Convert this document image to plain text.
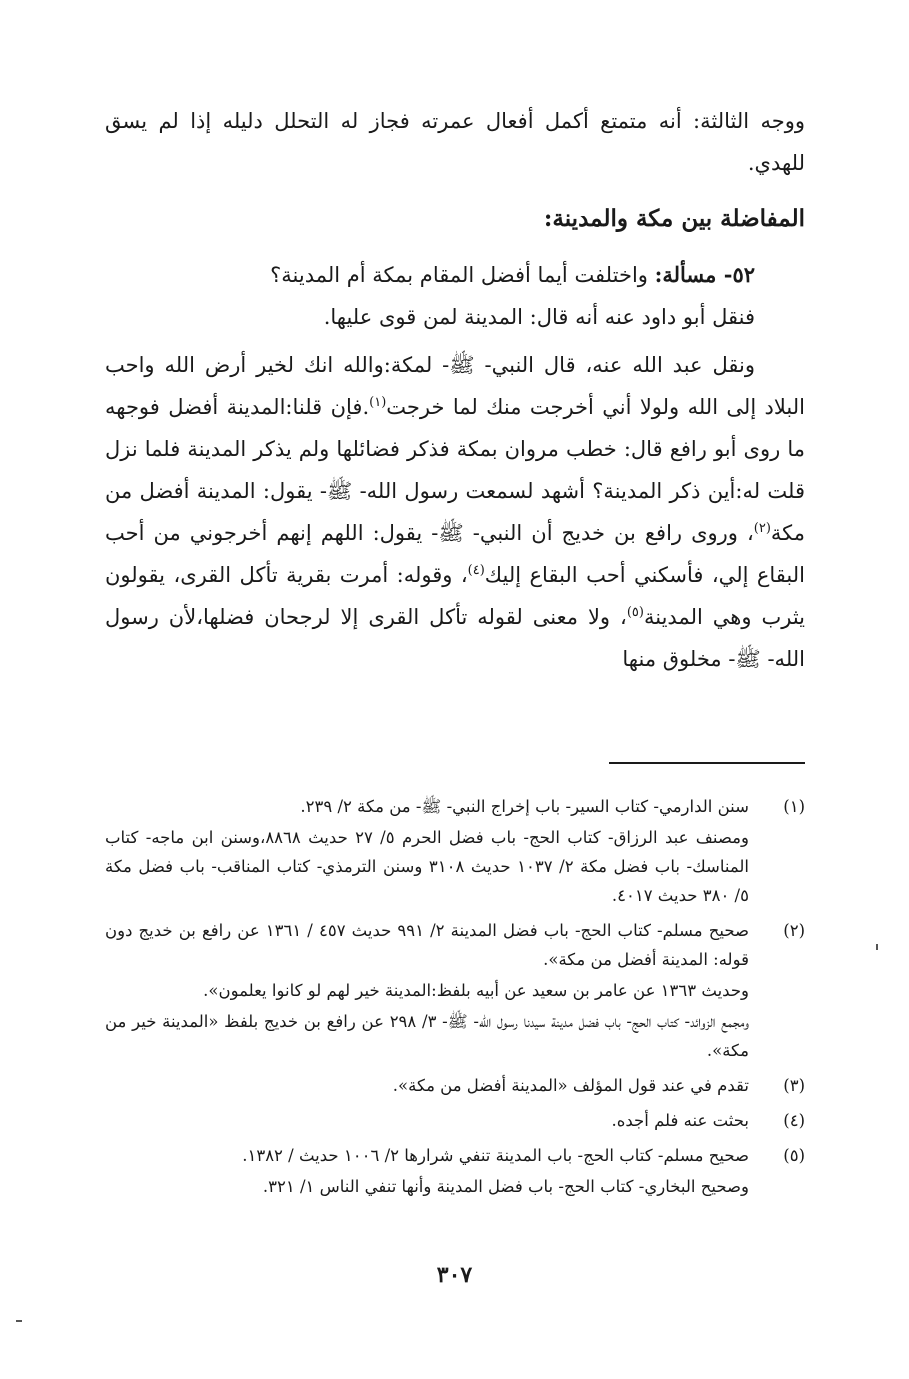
ووجه الثالثة: أنه متمتع أكمل أفعال عمرته فجاز له التحلل دليله إذا لم يسق للهدي.

المفاضلة بين مكة والمدينة:

٥٢- مسألة: واختلفت أيما أفضل المقام بمكة أم المدينة؟

فنقل أبو داود عنه أنه قال: المدينة لمن قوى عليها.

ونقل عبد الله عنه، قال النبي- ﷺ- لمكة:والله انك لخير أرض الله واحب البلاد إلى الله ولولا أني أخرجت منك لما خرجت$^{(١)}$.فإن قلنا:المدينة أفضل فوجهه ما روى أبو رافع قال: خطب مروان بمكة فذكر فضائلها ولم يذكر المدينة فلما نزل قلت له:أين ذكر المدينة؟ أشهد لسمعت رسول الله- ﷺ- يقول: المدينة أفضل من مكة$^{(٢)}$، وروى رافع بن خديج أن النبي- ﷺ- يقول: اللهم إنهم أخرجوني من أحب البقاع إلي، فأسكني أحب البقاع إليك$^{(٤)}$، وقوله: أمرت بقرية تأكل القرى، يقولون يثرب وهي المدينة$^{(٥)}$، ولا معنى لقوله تأكل القرى إلا لرجحان فضلها،لأن رسول الله- ﷺ- مخلوق منها

(١)
سنن الدارمي- كتاب السير- باب إخراج النبي- ﷺ- من مكة ٢/ ٢٣٩.
ومصنف عبد الرزاق- كتاب الحج- باب فضل الحرم ٥/ ٢٧ حديث ٨٨٦٨،وسنن ابن ماجه- كتاب المناسك- باب فضل مكة ٢/ ١٠٣٧ حديث ٣١٠٨ وسنن الترمذي- كتاب المناقب- باب فضل مكة ٥/ ٣٨٠ حديث ٤٠١٧.
(٢)
صحيح مسلم- كتاب الحج- باب فضل المدينة ٢/ ٩٩١ حديث ٤٥٧ / ١٣٦١ عن رافع بن خديج دون قوله: المدينة أفضل من مكة».
وحديث ١٣٦٣ عن عامر بن سعيد عن أبيه بلفظ:المدينة خير لهم لو كانوا يعلمون».
ومجمع الزوائد- كتاب الحج- باب فضل مدينة سيدنا رسول الله- ﷺ- ٣/ ٢٩٨ عن رافع بن خديج بلفظ «المدينة خير من مكة».
(٣)
تقدم في عند قول المؤلف «المدينة أفضل من مكة».
(٤)
بحثت عنه فلم أجده.
(٥)
صحيح مسلم- كتاب الحج- باب المدينة تنفي شرارها ٢/ ١٠٠٦ حديث / ١٣٨٢.
وصحيح البخاري- كتاب الحج- باب فضل المدينة وأنها تنفي الناس ١/ ٣٢١.
٣٠٧
